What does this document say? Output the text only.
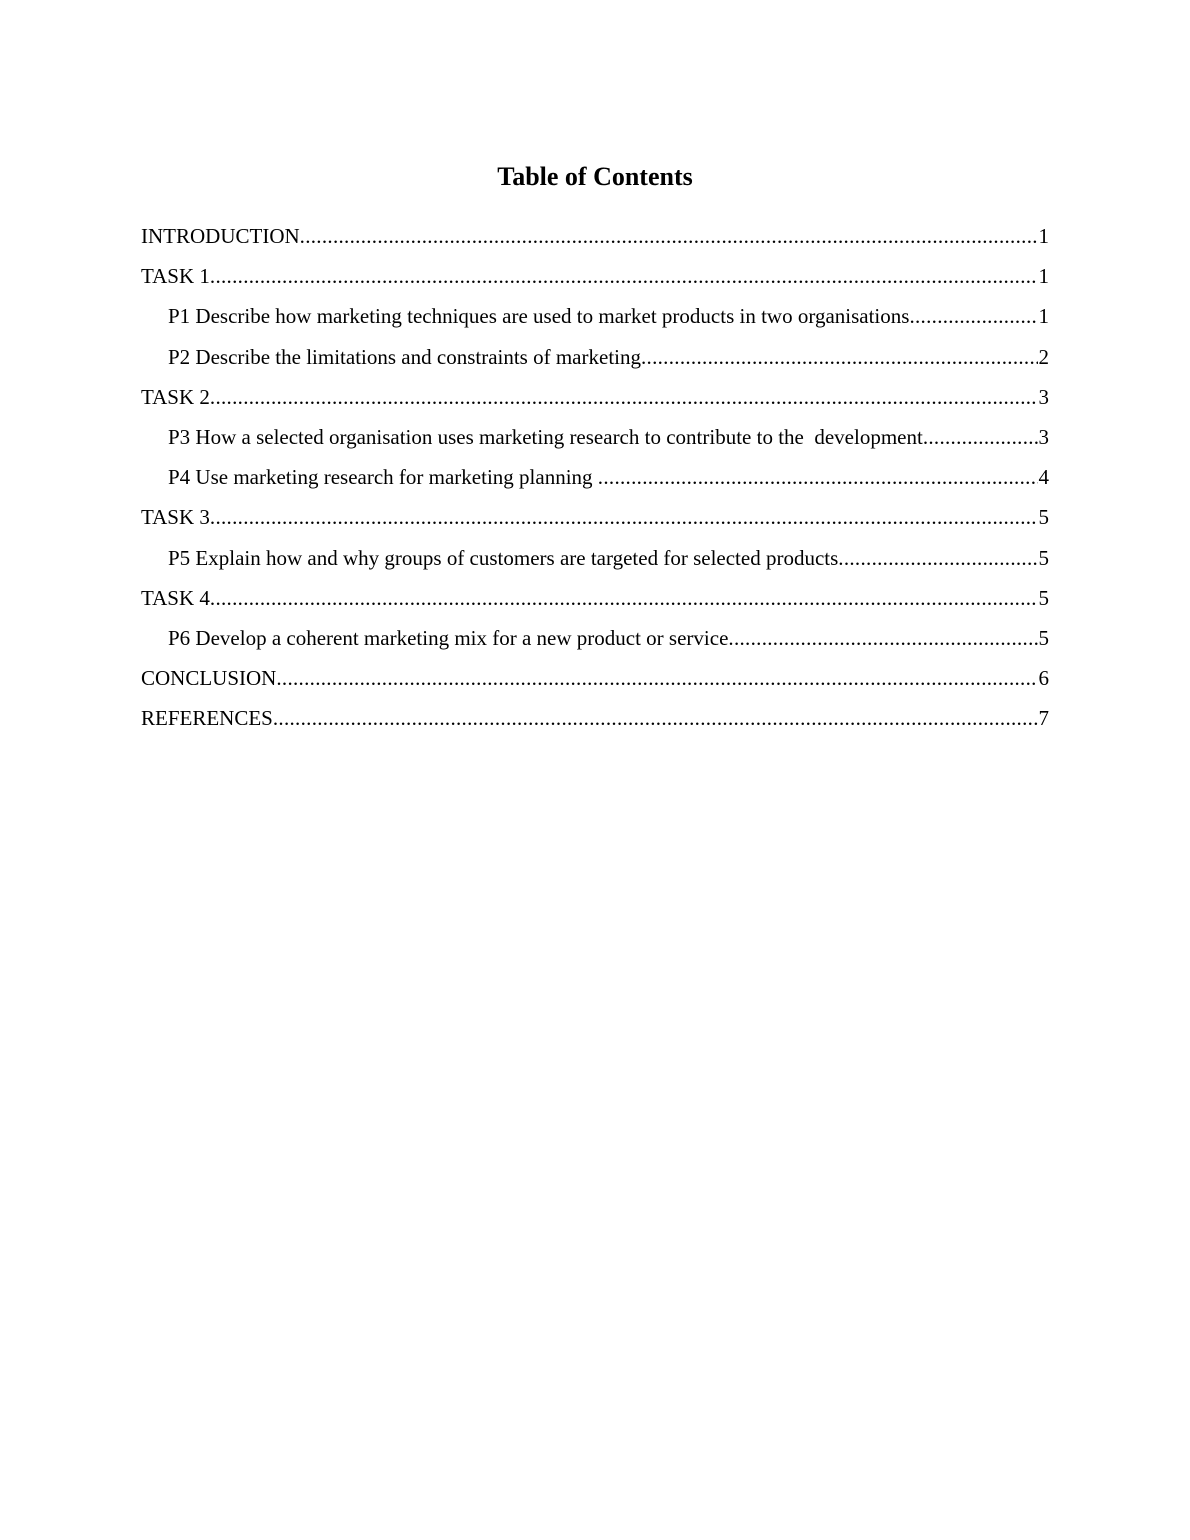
Table of Contents
INTRODUCTION .....	1
TASK 1 .....	1
P1 Describe how marketing techniques are used to market products in two organisations .....	1
P2 Describe the limitations and constraints of marketing .....	2
TASK 2 .....	3
P3 How a selected organisation uses marketing research to contribute to the  development .....	3
P4 Use marketing research for marketing planning .....	4
TASK 3 .....	5
P5 Explain how and why groups of customers are targeted for selected products .....	5
TASK 4 .....	5
P6 Develop a coherent marketing mix for a new product or service .....	5
CONCLUSION .....	6
REFERENCES .....	7
